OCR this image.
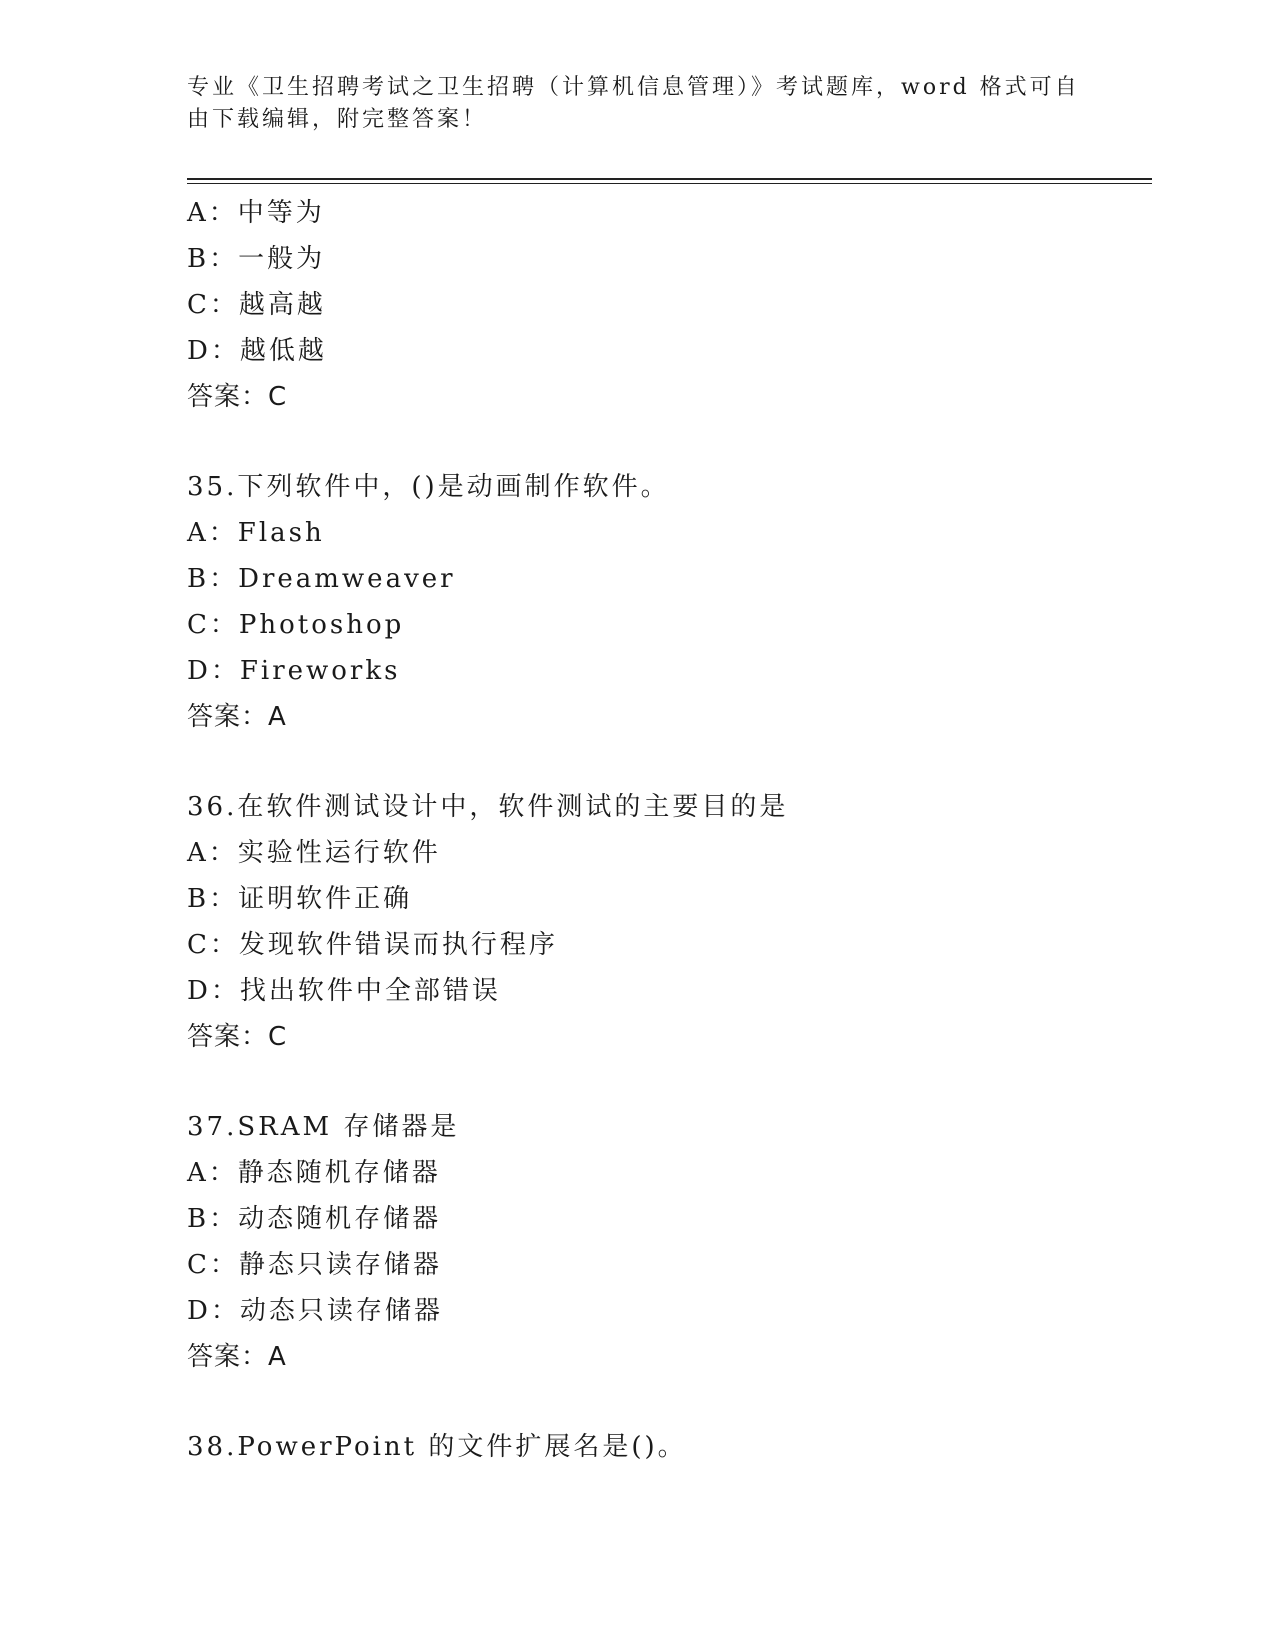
专业《卫生招聘考试之卫生招聘（计算机信息管理）》考试题库，word 格式可自
由下载编辑，附完整答案！
A：中等为
B：一般为
C：越高越
D：越低越
答案：C
35.下列软件中，()是动画制作软件。
A：Flash
B：Dreamweaver
C：Photoshop
D：Fireworks
答案：A
36.在软件测试设计中，软件测试的主要目的是
A：实验性运行软件
B：证明软件正确
C：发现软件错误而执行程序
D：找出软件中全部错误
答案：C
37.SRAM 存储器是
A：静态随机存储器
B：动态随机存储器
C：静态只读存储器
D：动态只读存储器
答案：A
38.PowerPoint 的文件扩展名是()。
